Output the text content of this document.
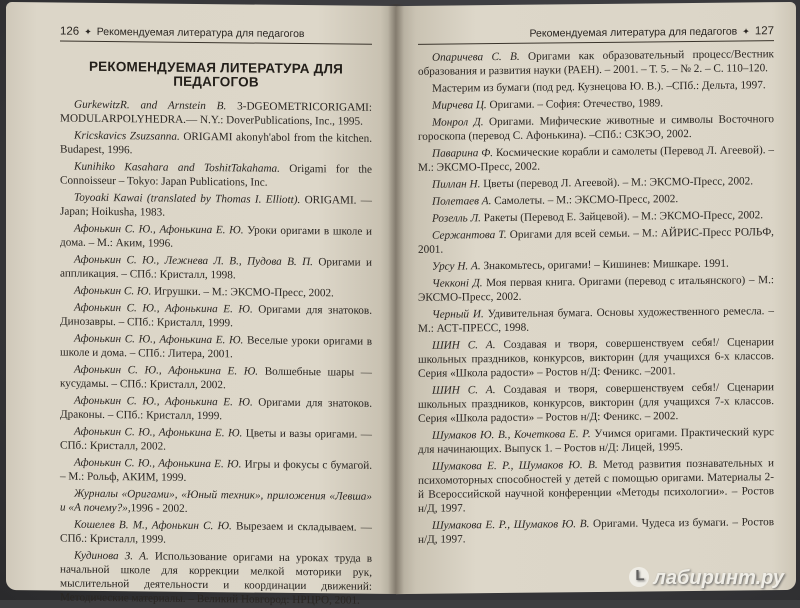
126 ✦ Рекомендуемая литература для педагогов
РЕКОМЕНДУЕМАЯ ЛИТЕРАТУРА ДЛЯ ПЕДАГОГОВ

GurkewitzR. and Arnstein B. 3-DGEOMETRICORIGAMI: MODULARPOLYHEDRA.— N.Y.: DoverPublications, Inc., 1995.

Kricskavics Zsuzsanna. ORIGAMI akonyh'abol from the kitchen. Budapest, 1996.

Kunihiko Kasahara and ToshitTakahama. Origami for the Connoisseur – Tokyo: Japan Publications, Inc.

Toyoaki Kawai (translated by Thomas I. Elliott). ORIGAMI. — Japan; Hoikusha, 1983.

Афонькин С. Ю., Афонькина Е. Ю. Уроки оригами в школе и дома. – М.: Аким, 1996.

Афонькин С. Ю., Лежнева Л. В., Пудова В. П. Оригами и аппликация. – СПб.: Кристалл, 1998.

Афонькин С. Ю. Игрушки. – М.: ЭКСМО-Пресс, 2002.

Афонькин С. Ю., Афонькина Е. Ю. Оригами для знатоков. Динозавры. – СПб.: Кристалл, 1999.

Афонькин С. Ю., Афонькина Е. Ю. Веселые уроки оригами в школе и дома. – СПб.: Литера, 2001.

Афонькин С. Ю., Афонькина Е. Ю. Волшебные шары — кусудамы. – СПб.: Кристалл, 2002.

Афонькин С. Ю., Афонькина Е. Ю. Оригами для знатоков. Драконы. – СПб.: Кристалл, 1999.

Афонькин С. Ю., Афонькина Е. Ю. Цветы и вазы оригами. — СПб.: Кристалл, 2002.

Афонькин С. Ю., Афонькина Е. Ю. Игры и фокусы с бумагой. – М.: Рольф, АКИМ, 1999.

Журналы «Оригами», «Юный техник», приложения «Левша» и «А почему?»,1996 - 2002.

Кошелев В. М., Афонькин С. Ю. Вырезаем и складываем. — СПб.: Кристалл, 1999.

Кудинова З. А. Использование оригами на уроках труда в начальной школе для коррекции мелкой моторики рук, мыслительной деятельности и координации движений: Методические материалы. – Великий Новгород: НРЦРО, 2001.

Рекомендуемая литература для педагогов ✦ 127

Опаричева С. В. Оригами как образовательный процесс/Вестник образования и развития науки (РАЕН). – 2001. – Т. 5. – № 2. – С. 110–120.

Мастерим из бумаги (под ред. Кузнецова Ю. В.). –СПб.: Дельта, 1997.

Мирчева Ц. Оригами. – София: Отечество, 1989.

Монрол Д. Оригами. Мифические животные и символы Восточного гороскопа (перевод С. Афонькина). –СПб.: СЗКЭО, 2002.

Паварина Ф. Космические корабли и самолеты (Перевод Л. Агеевой). – М.: ЭКСМО-Пресс, 2002.

Пиллан Н. Цветы (перевод Л. Агеевой). – М.: ЭКСМО-Пресс, 2002.

Полетаев А. Самолеты. – М.: ЭКСМО-Пресс, 2002.

Розелль Л. Ракеты (Перевод Е. Зайцевой). – М.: ЭКСМО-Пресс, 2002.

Сержантова Т. Оригами для всей семьи. – М.: АЙРИС-Пресс РОЛЬФ, 2001.

Урсу Н. А. Знакомьтесь, оригами! – Кишинев: Мишкаре. 1991.

Чекконі Д. Моя первая книга. Оригами (перевод с итальянского) – М.: ЭКСМО-Пресс, 2002.

Черный И. Удивительная бумага. Основы художественного ремесла. – М.: АСТ-ПРЕСС, 1998.

ШИН С. А. Создавая и творя, совершенствуем себя!/ Сценарии школьных праздников, конкурсов, викторин (для учащихся 6-х классов. Серия «Школа радости» – Ростов н/Д: Феникс. –2001.

ШИН С. А. Создавая и творя, совершенствуем себя!/ Сценарии школьных праздников, конкурсов, викторин (для учащихся 7-х классов. Серия «Школа радости» – Ростов н/Д: Феникс. – 2002.

Шумаков Ю. В., Кочеткова Е. Р. Учимся оригами. Практический курс для начинающих. Выпуск 1. – Ростов н/Д: Лицей, 1995.

Шумакова Е. Р., Шумаков Ю. В. Метод развития познавательных и психомоторных способностей у детей с помощью оригами. Материалы 2-й Всероссийской научной конференции «Методы психологии». – Ростов н/Д, 1997.

Шумакова Е. Р., Шумаков Ю. В. Оригами. Чудеса из бумаги. – Ростов н/Д, 1997.

Lлабиринт.ру
